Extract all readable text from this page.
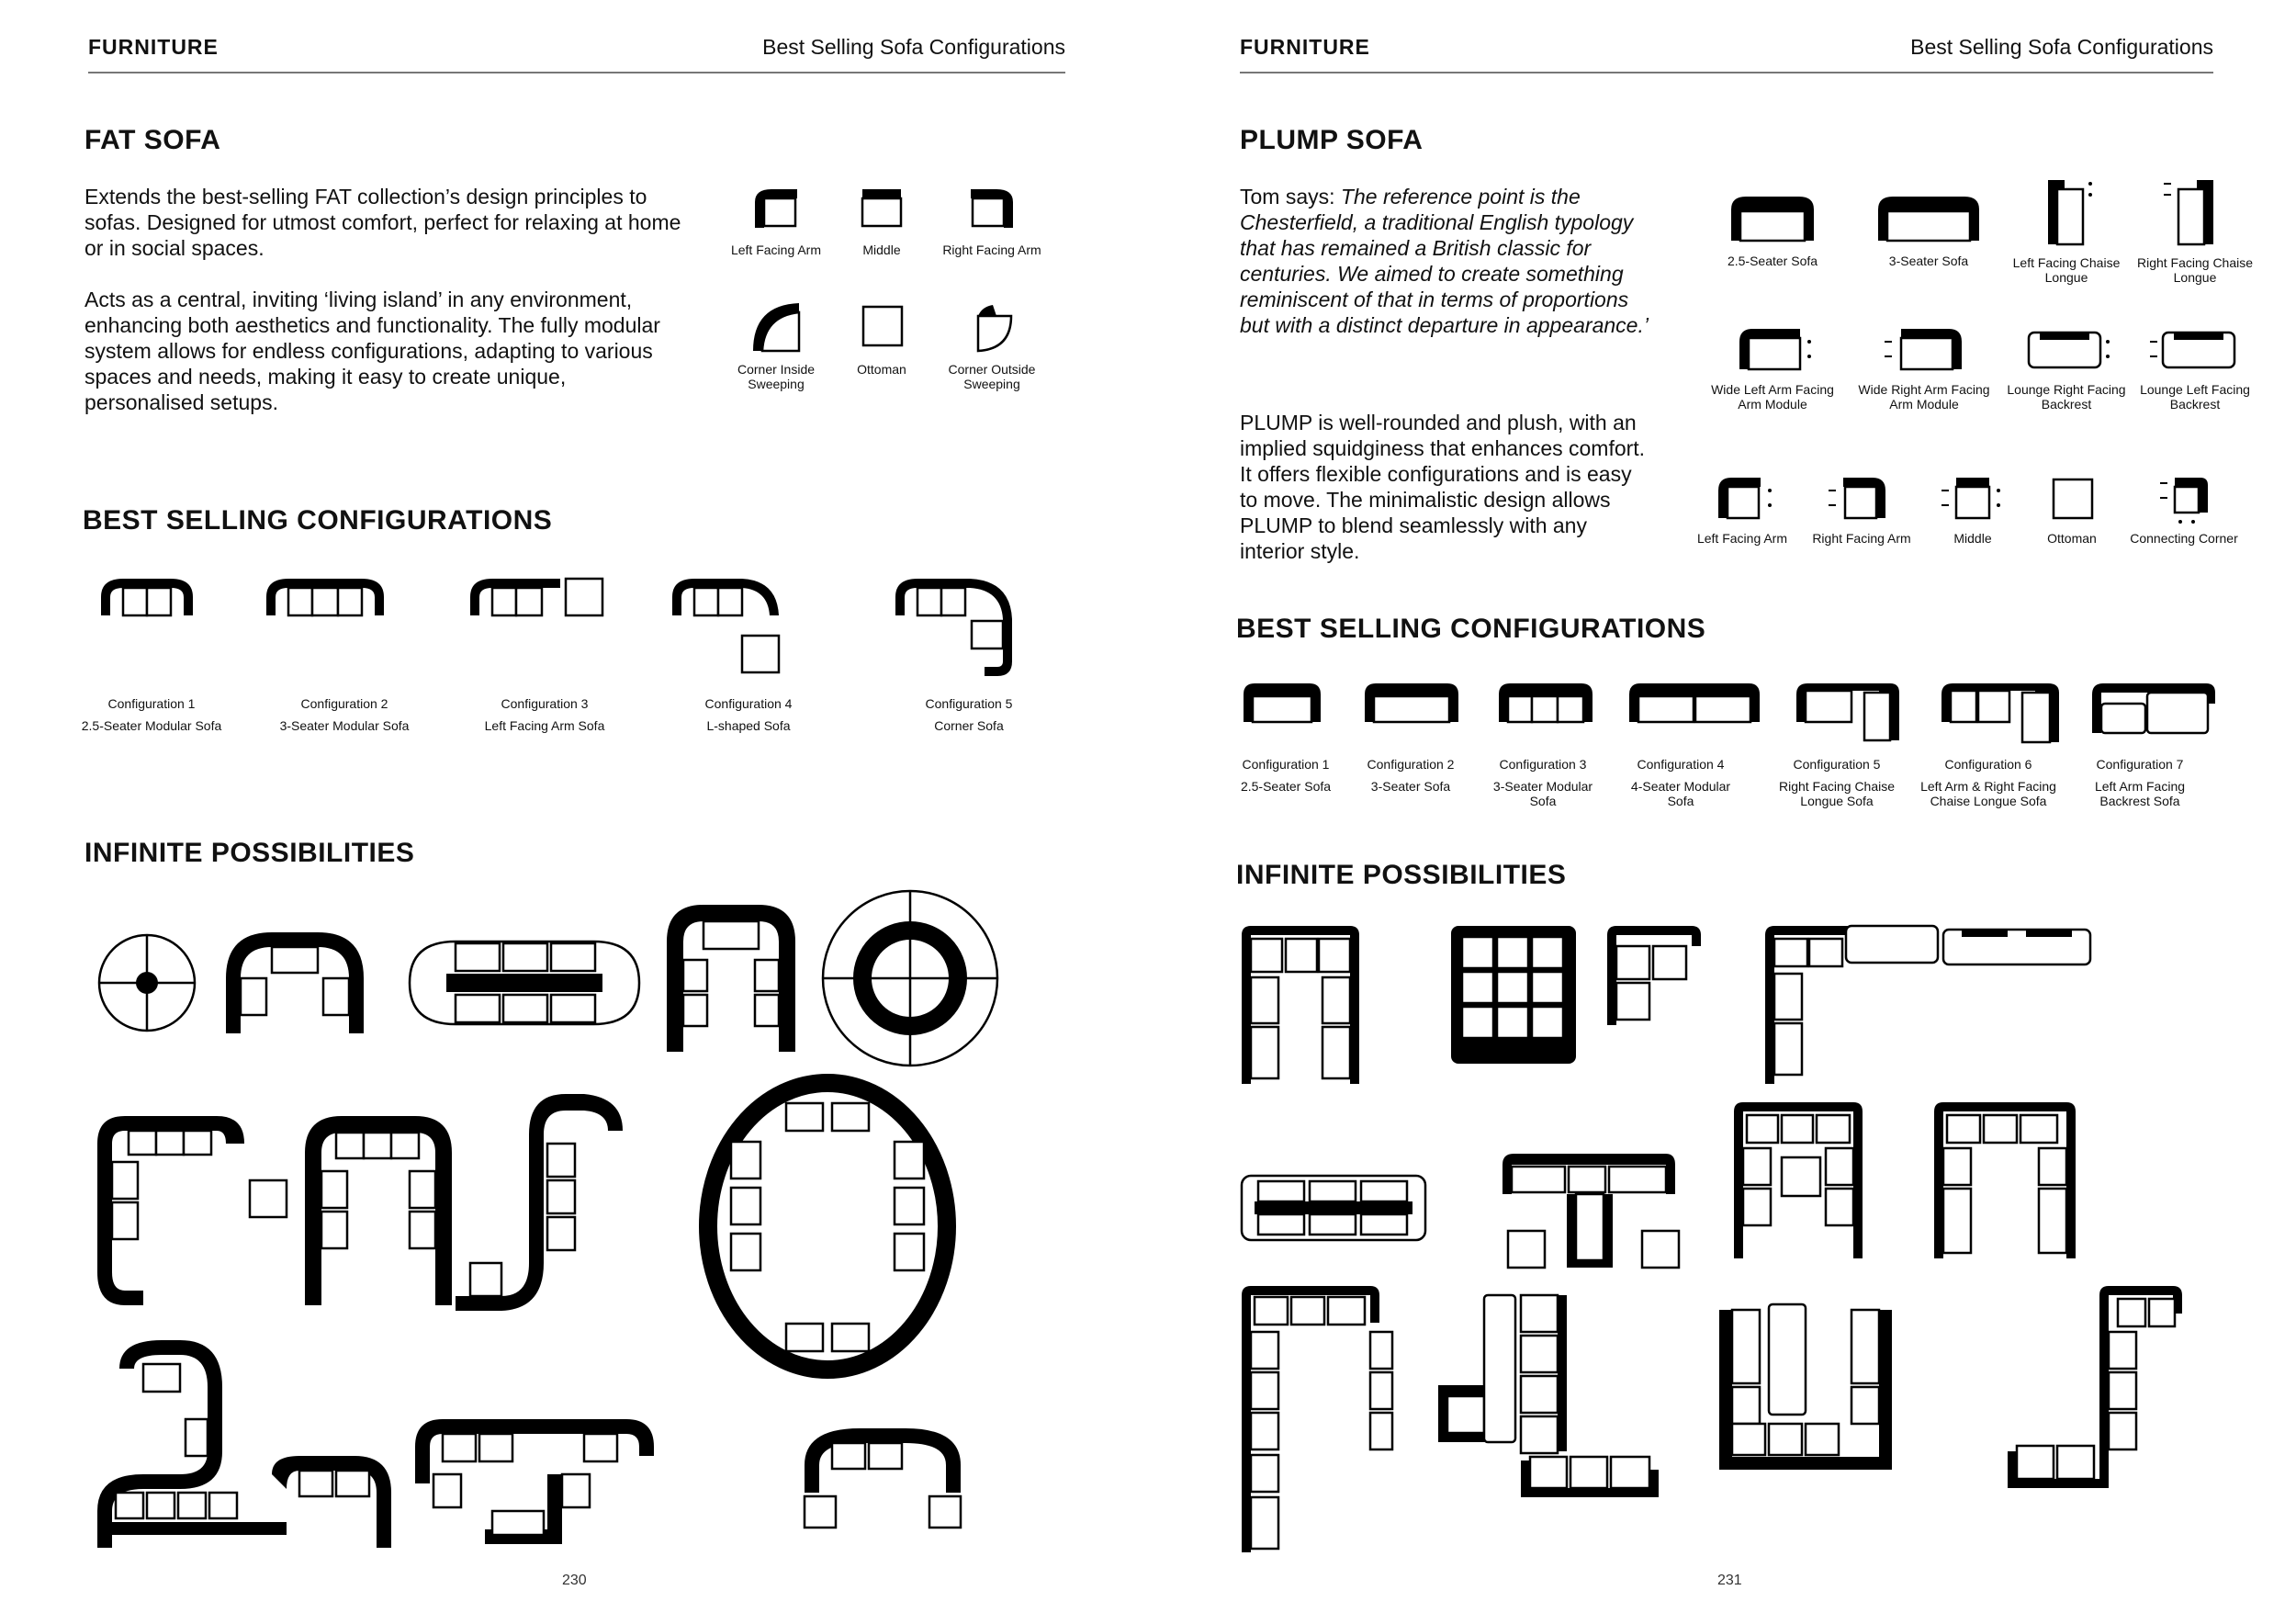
FURNITURE	Best Selling Sofa Configurations
FAT SOFA

Extends the best-selling FAT collection’s design principles to sofas. Designed for utmost comfort, perfect for relaxing at home or in social spaces.

Acts as a central, inviting ‘living island’ in any environment, enhancing both aesthetics and functionality. The fully modular system allows for endless configurations, adapting to various spaces and needs, making it easy to create unique, personalised setups.

Left Facing Arm	Middle	Right Facing Arm
Corner Inside Sweeping
Ottoman	Corner Outside Sweeping
BEST SELLING CONFIGURATIONS
Configuration 1
2.5-Seater Modular Sofa
Configuration 2
3-Seater Modular Sofa
Configuration 3
Left Facing Arm Sofa
Configuration 4
L-shaped Sofa
Configuration 5
Corner Sofa
INFINITE POSSIBILITIES
230
FURNITURE	Best Selling Sofa Configurations
PLUMP SOFA

Tom says: The reference point is the Chesterfield, a traditional English typology that has remained a British classic for centuries. We aimed to create something reminiscent of that in terms of proportions but with a distinct departure in appearance.’

PLUMP is well-rounded and plush, with an implied squidginess that enhances comfort. It offers flexible configurations and is easy to move. The minimalistic design allows PLUMP to blend seamlessly with any interior style.

2.5-Seater Sofa	3-Seater Sofa	Left Facing Chaise Longue
Right Facing Chaise Longue
Wide Left Arm Facing Arm Module
Wide Right Arm Facing Arm Module
Lounge Right Facing Backrest
Lounge Left Facing Backrest
Left Facing Arm	Right Facing Arm	Middle	Ottoman	Connecting Corner
BEST SELLING CONFIGURATIONS
Configuration 1
2.5-Seater Sofa
Configuration 2
3-Seater Sofa
Configuration 3
3-Seater Modular Sofa
Configuration 4
4-Seater Modular Sofa
Configuration 5
Right Facing Chaise Longue Sofa
Configuration 6
Left Arm & Right Facing Chaise Longue Sofa
Configuration 7
Left Arm Facing Backrest Sofa
INFINITE POSSIBILITIES
231
